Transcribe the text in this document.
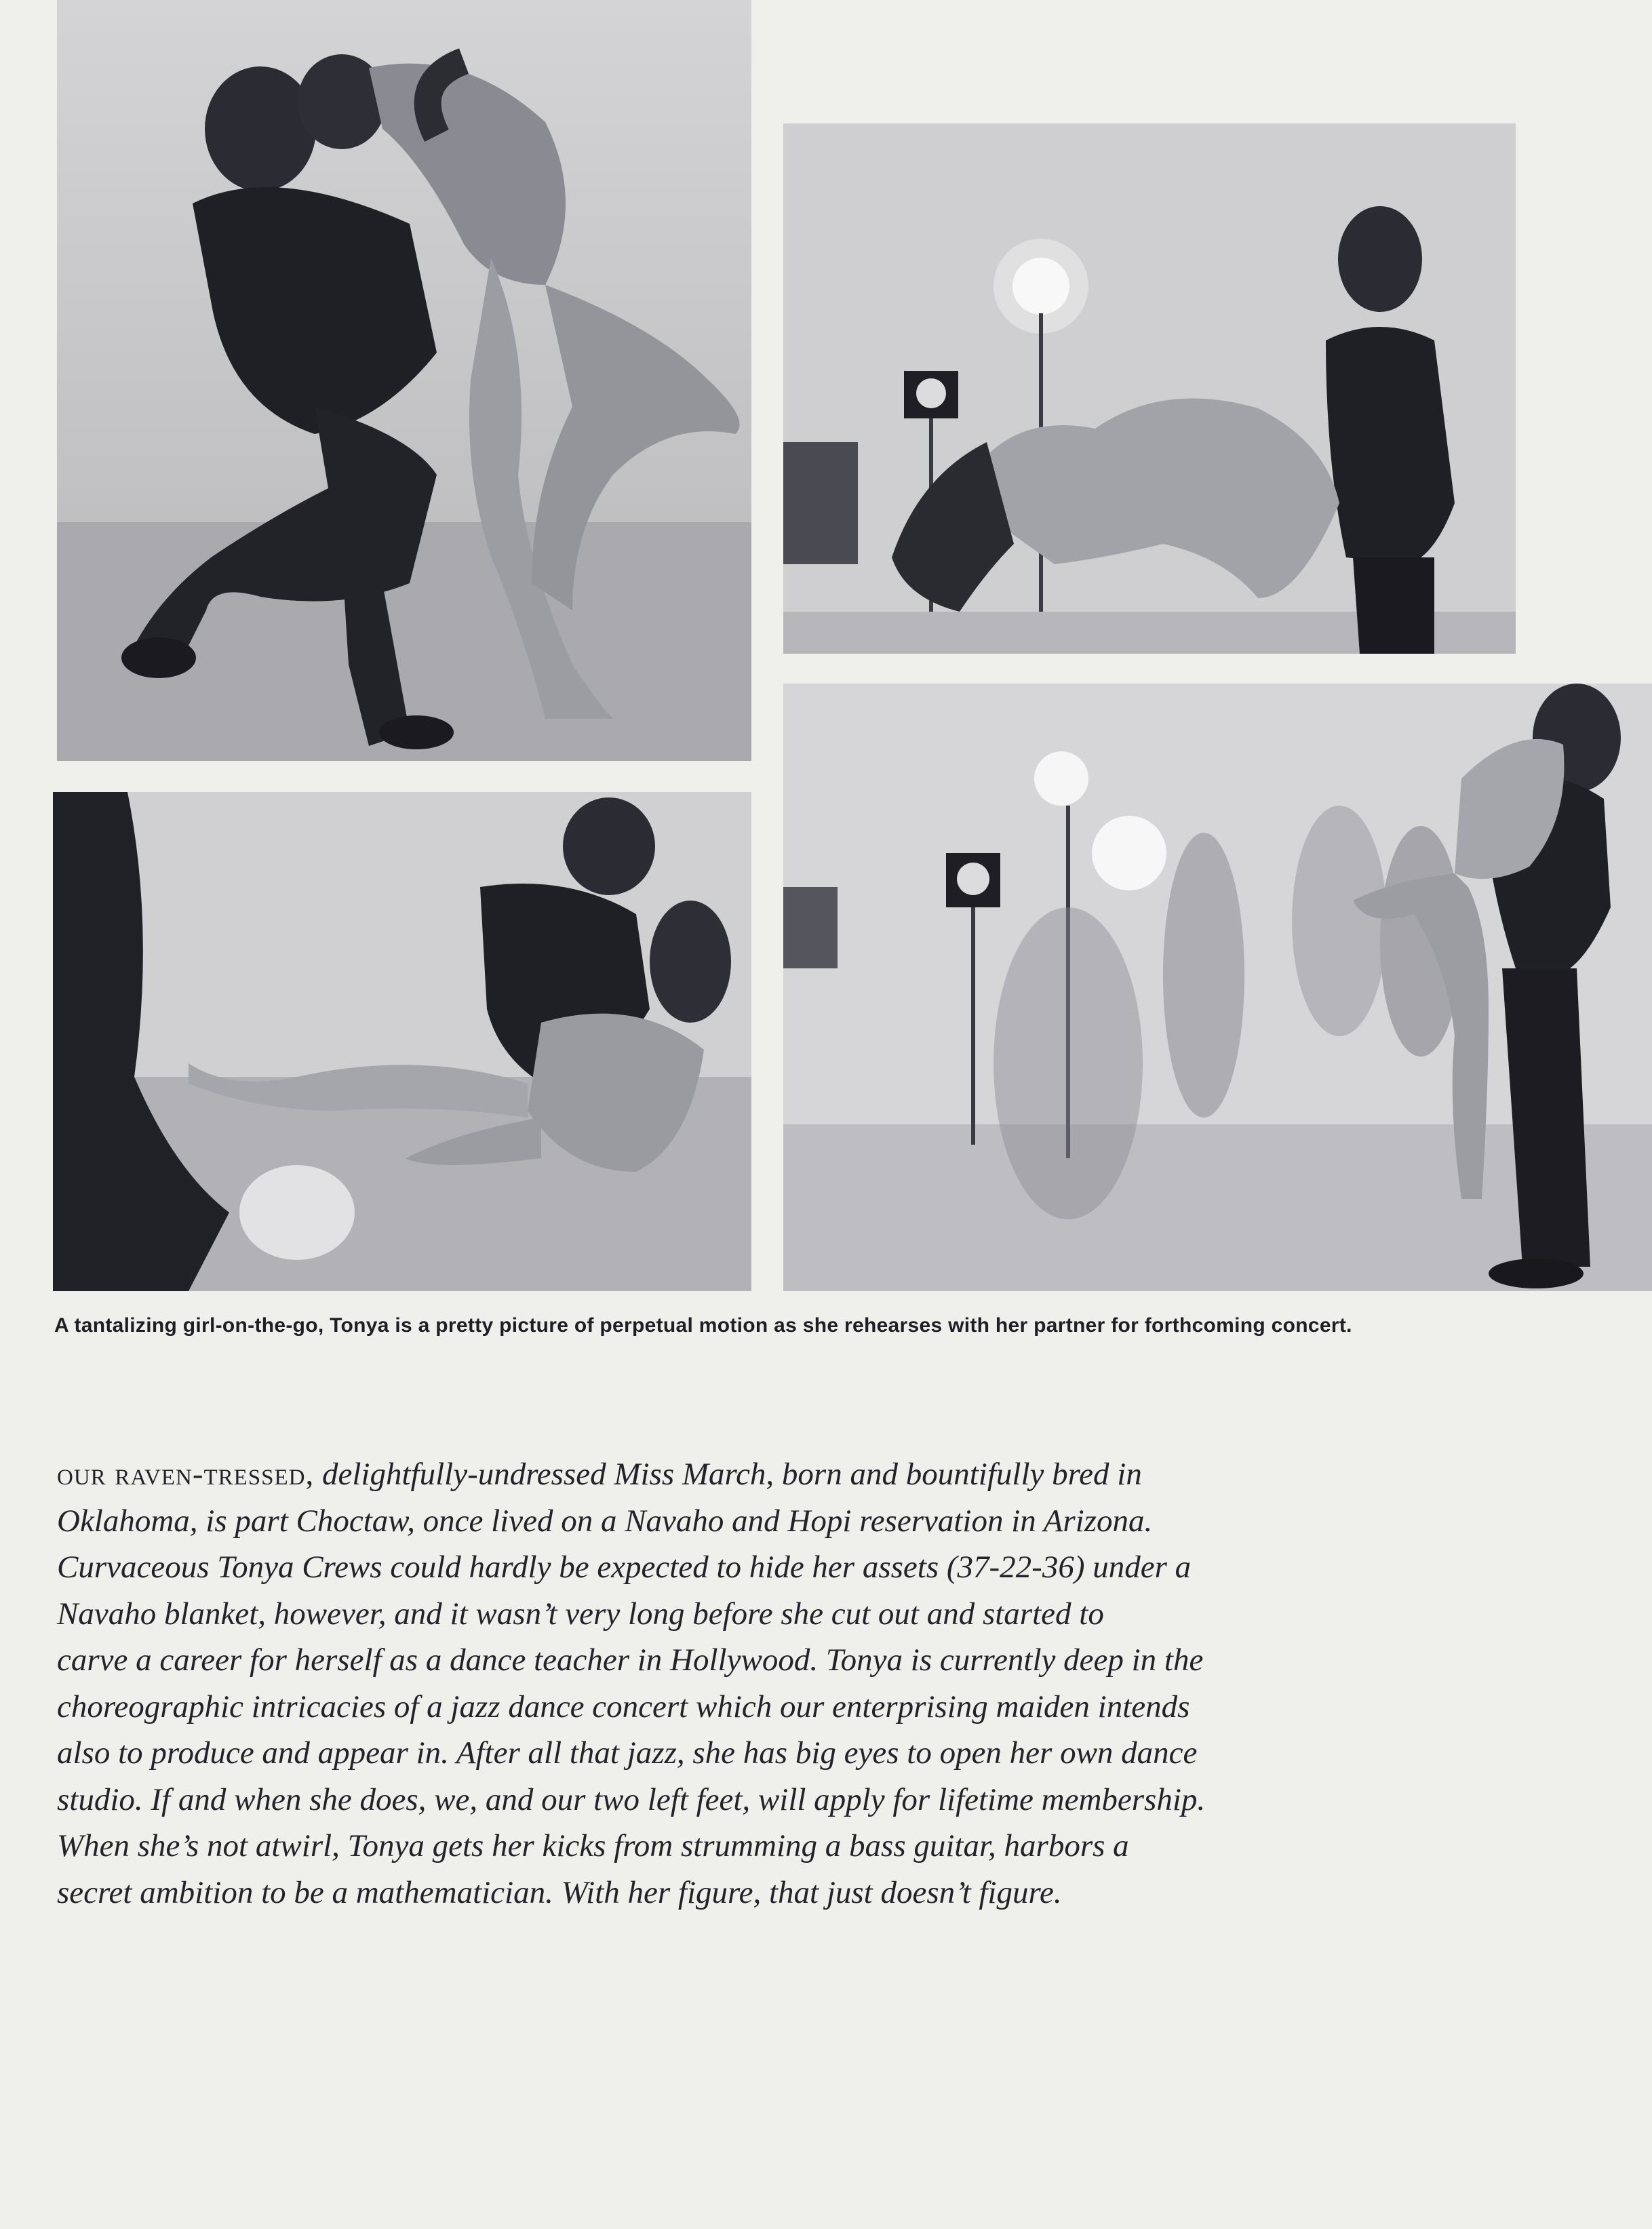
A tantalizing girl-on-the-go, Tonya is a pretty picture of perpetual motion as she rehearses with her partner for forthcoming concert.
our raven-tressed, delightfully-undressed Miss March, born and bountifully bred in
Oklahoma, is part Choctaw, once lived on a Navaho and Hopi reservation in Arizona.
Curvaceous Tonya Crews could hardly be expected to hide her assets (37-22-36) under a
Navaho blanket, however, and it wasn’t very long before she cut out and started to
carve a career for herself as a dance teacher in Hollywood. Tonya is currently deep in the
choreographic intricacies of a jazz dance concert which our enterprising maiden intends
also to produce and appear in. After all that jazz, she has big eyes to open her own dance
studio. If and when she does, we, and our two left feet, will apply for lifetime membership.
When she’s not atwirl, Tonya gets her kicks from strumming a bass guitar, harbors a
secret ambition to be a mathematician. With her figure, that just doesn’t figure.
